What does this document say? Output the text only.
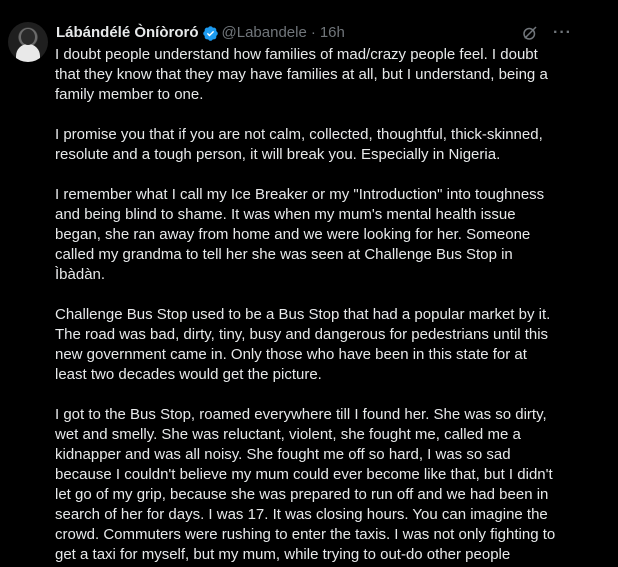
Lábándélé Òníòroró @Labandele · 16h	···

I doubt people understand how families of mad/crazy people feel. I doubt
that they know that they may have families at all, but I understand, being a
family member to one.

I promise you that if you are not calm, collected, thoughtful, thick-skinned,
resolute and a tough person, it will break you. Especially in Nigeria.

I remember what I call my Ice Breaker or my "Introduction" into toughness
and being blind to shame. It was when my mum's mental health issue
began, she ran away from home and we were looking for her. Someone
called my grandma to tell her she was seen at Challenge Bus Stop in
Ìbàdàn.

Challenge Bus Stop used to be a Bus Stop that had a popular market by it.
The road was bad, dirty, tiny, busy and dangerous for pedestrians until this
new government came in. Only those who have been in this state for at
least two decades would get the picture.

I got to the Bus Stop, roamed everywhere till I found her. She was so dirty,
wet and smelly. She was reluctant, violent, she fought me, called me a
kidnapper and was all noisy. She fought me off so hard, I was so sad
because I couldn't believe my mum could ever become like that, but I didn't
let go of my grip, because she was prepared to run off and we had been in
search of her for days. I was 17. It was closing hours. You can imagine the
crowd. Commuters were rushing to enter the taxis. I was not only fighting to
get a taxi for myself, but my mum, while trying to out-do other people
